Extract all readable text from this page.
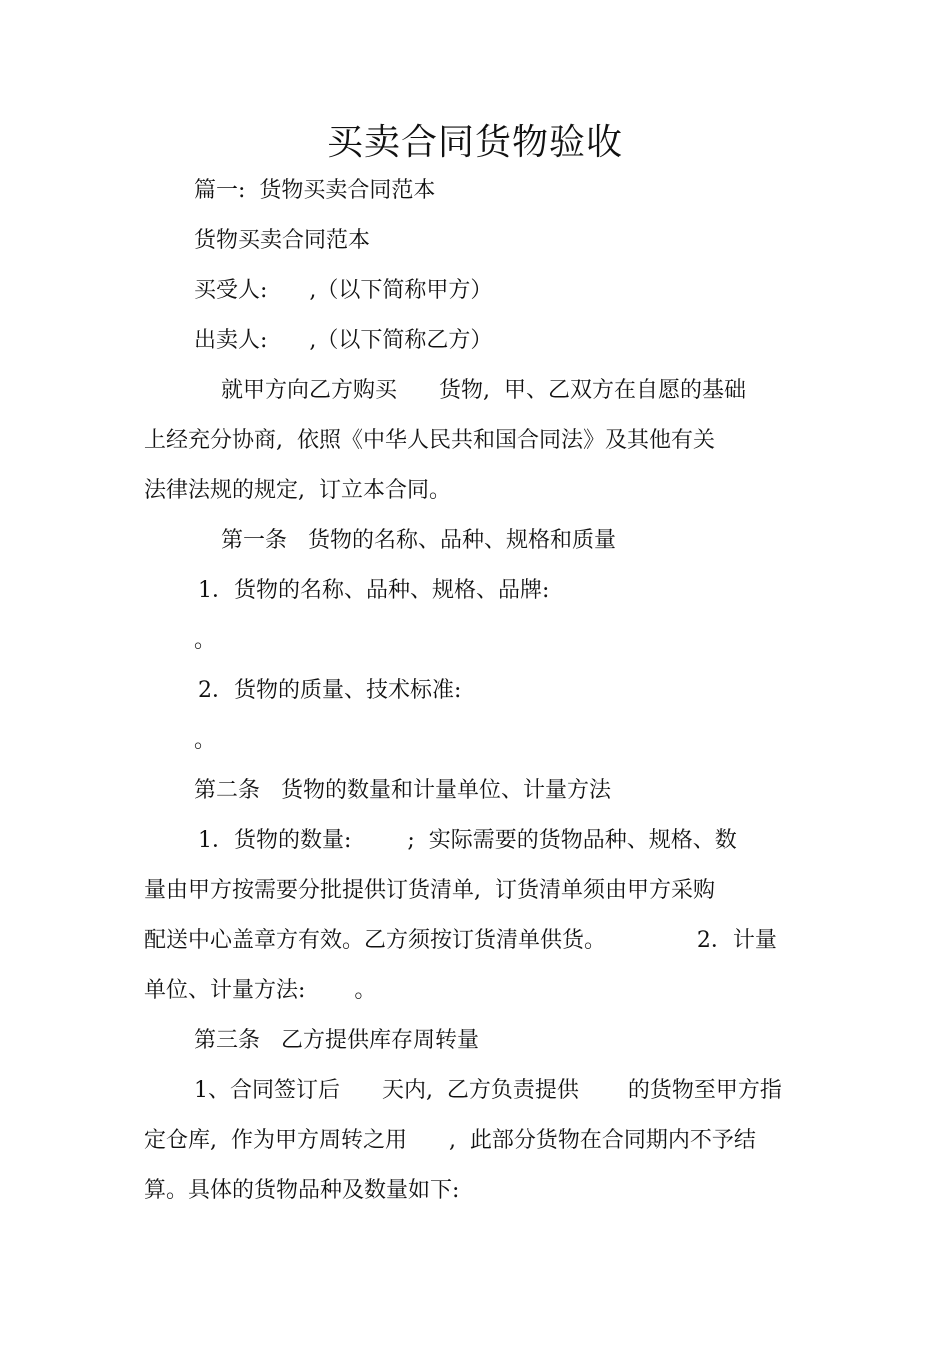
买卖合同货物验收
篇一:  货物买卖合同范本
货物买卖合同范本
买受人:      ,（以下简称甲方）
出卖人:      ,（以下简称乙方）
就甲方向乙方购买      货物,  甲、乙双方在自愿的基础
上经充分协商,  依照《中华人民共和国合同法》及其他有关
法律法规的规定,  订立本合同。
第一条   货物的名称、品种、规格和质量
1．货物的名称、品种、规格、品牌:
。
2．货物的质量、技术标准:
。
第二条   货物的数量和计量单位、计量方法
1．货物的数量:        ;  实际需要的货物品种、规格、数
量由甲方按需要分批提供订货清单,  订货清单须由甲方采购
配送中心盖章方有效。乙方须按订货清单供货。             2．计量
单位、计量方法:       。
第三条   乙方提供库存周转量
1、合同签订后      天内,  乙方负责提供       的货物至甲方指
定仓库,  作为甲方周转之用      ,  此部分货物在合同期内不予结
算。具体的货物品种及数量如下:
